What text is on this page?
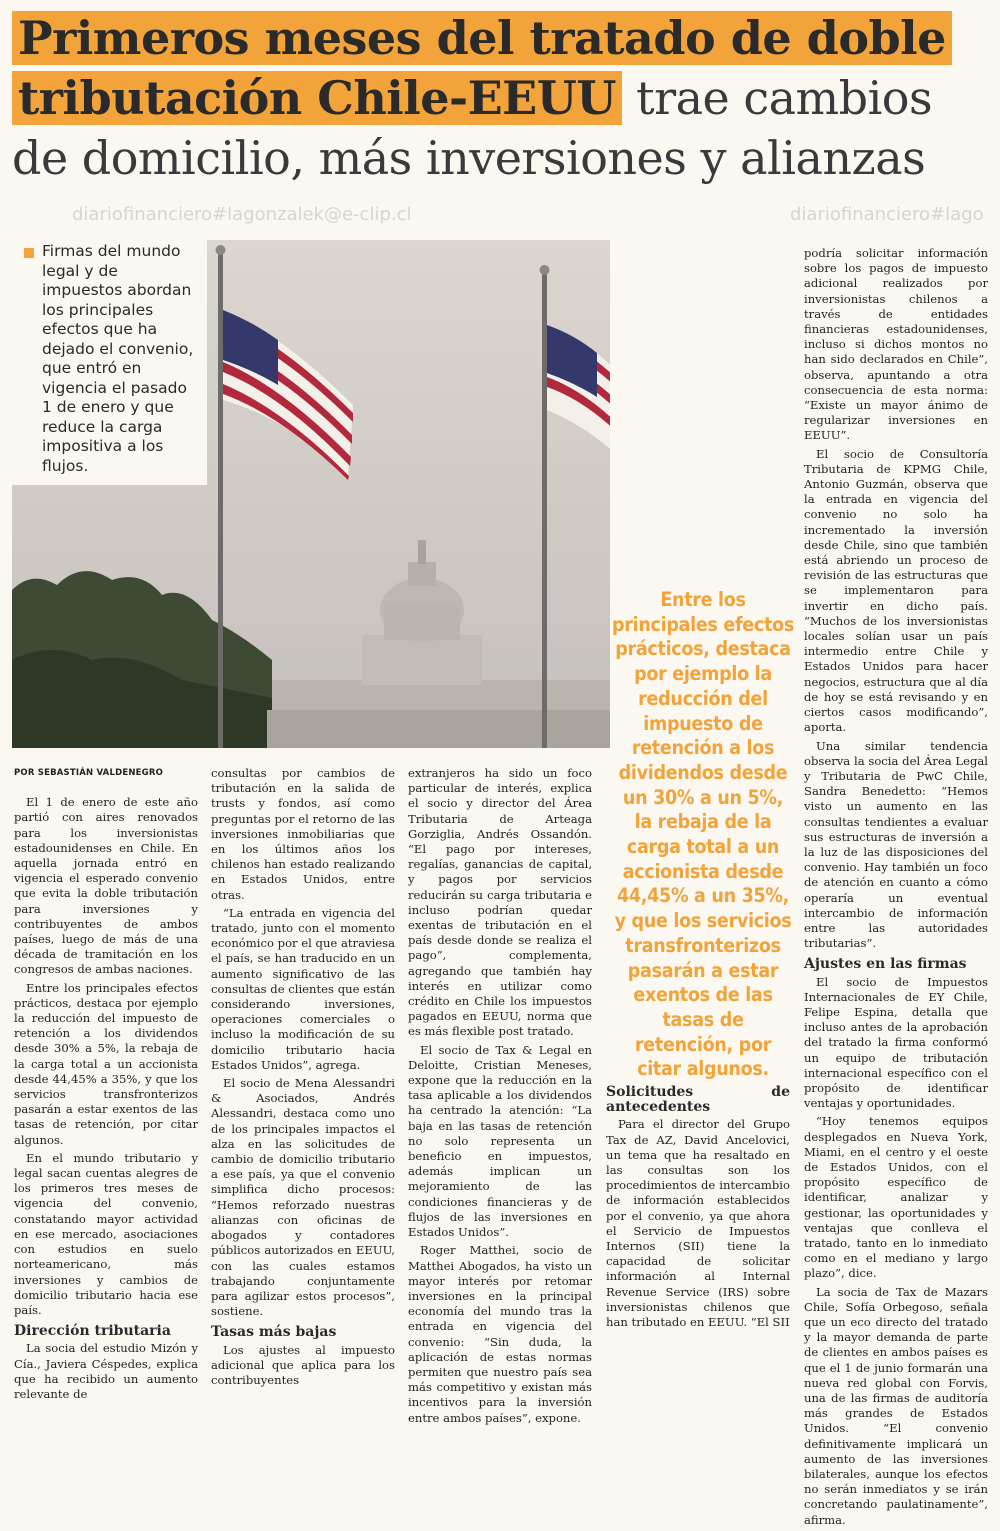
Primeros meses del tratado de doble
tributación Chile-EEUU trae cambios
de domicilio, más inversiones y alianzas
diariofinanciero#lagonzalek@e-clip.cl	diariofinanciero#lago
Firmas del mundo legal y de impuestos abordan los principales efectos que ha dejado el convenio, que entró en vigencia el pasado 1 de enero y que reduce la carga impositiva a los flujos.
Entre los principales efectos prácticos, destaca por ejemplo la reducción del impuesto de retención a los dividendos desde un 30% a un 5%, la rebaja de la carga total a un accionista desde 44,45% a un 35%, y que los servicios transfronterizos pasarán a estar exentos de las tasas de retención, por citar algunos.
POR SEBASTIÁN VALDENEGRO

El 1 de enero de este año partió con aires renovados para los inversionistas estadounidenses en Chile. En aquella jornada entró en vigencia el esperado convenio que evita la doble tributación para inversiones y contribuyentes de ambos países, luego de más de una década de tramitación en los congresos de ambas naciones.

Entre los principales efectos prácticos, destaca por ejemplo la reducción del impuesto de retención a los dividendos desde 30% a 5%, la rebaja de la carga total a un accionista desde 44,45% a 35%, y que los servicios transfronterizos pasarán a estar exentos de las tasas de retención, por citar algunos.

En el mundo tributario y legal sacan cuentas alegres de los primeros tres meses de vigencia del convenio, constatando mayor actividad en ese mercado, asociaciones con estudios en suelo norteamericano, más inversiones y cambios de domicilio tributario hacia ese país.

Dirección tributaria

La socia del estudio Mizón y Cía., Javiera Céspedes, explica que ha recibido un aumento relevante de

consultas por cambios de tributación en la salida de trusts y fondos, así como preguntas por el retorno de las inversiones inmobiliarias que en los últimos años los chilenos han estado realizando en Estados Unidos, entre otras.

“La entrada en vigencia del tratado, junto con el momento económico por el que atraviesa el país, se han traducido en un aumento significativo de las consultas de clientes que están considerando inversiones, operaciones comerciales o incluso la modificación de su domicilio tributario hacia Estados Unidos”, agrega.

El socio de Mena Alessandri & Asociados, Andrés Alessandri, destaca como uno de los principales impactos el alza en las solicitudes de cambio de domicilio tributario a ese país, ya que el convenio simplifica dicho procesos: “Hemos reforzado nuestras alianzas con oficinas de abogados y contadores públicos autorizados en EEUU, con las cuales estamos trabajando conjuntamente para agilizar estos procesos”, sostiene.

Tasas más bajas

Los ajustes al impuesto adicional que aplica para los contribuyentes

extranjeros ha sido un foco particular de interés, explica el socio y director del Área Tributaria de Arteaga Gorziglia, Andrés Ossandón. “El pago por intereses, regalías, ganancias de capital, y pagos por servicios reducirán su carga tributaria e incluso podrían quedar exentas de tributación en el país desde donde se realiza el pago”, complementa, agregando que también hay interés en utilizar como crédito en Chile los impuestos pagados en EEUU, norma que es más flexible post tratado.

El socio de Tax & Legal en Deloitte, Cristian Meneses, expone que la reducción en la tasa aplicable a los dividendos ha centrado la atención: “La baja en las tasas de retención no solo representa un beneficio en impuestos, además implican un mejoramiento de las condiciones financieras y de flujos de las inversiones en Estados Unidos”.

Roger Matthei, socio de Matthei Abogados, ha visto un mayor interés por retomar inversiones en la principal economía del mundo tras la entrada en vigencia del convenio: “Sin duda, la aplicación de estas normas permiten que nuestro país sea más competitivo y existan más incentivos para la inversión entre ambos países”, expone.

Solicitudes de antecedentes

Para el director del Grupo Tax de AZ, David Ancelovici, un tema que ha resaltado en las consultas son los procedimientos de intercambio de información establecidos por el convenio, ya que ahora el Servicio de Impuestos Internos (SII) tiene la capacidad de solicitar información al Internal Revenue Service (IRS) sobre inversionistas chilenos que han tributado en EEUU. “El SII

podría solicitar información sobre los pagos de impuesto adicional realizados por inversionistas chilenos a través de entidades financieras estadounidenses, incluso si dichos montos no han sido declarados en Chile”, observa, apuntando a otra consecuencia de esta norma: “Existe un mayor ánimo de regularizar inversiones en EEUU”.

El socio de Consultoría Tributaria de KPMG Chile, Antonio Guzmán, observa que la entrada en vigencia del convenio no solo ha incrementado la inversión desde Chile, sino que también está abriendo un proceso de revisión de las estructuras que se implementaron para invertir en dicho país. “Muchos de los inversionistas locales solían usar un país intermedio entre Chile y Estados Unidos para hacer negocios, estructura que al día de hoy se está revisando y en ciertos casos modificando”, aporta.

Una similar tendencia observa la socia del Área Legal y Tributaria de PwC Chile, Sandra Benedetto: “Hemos visto un aumento en las consultas tendientes a evaluar sus estructuras de inversión a la luz de las disposiciones del convenio. Hay también un foco de atención en cuanto a cómo operaría un eventual intercambio de información entre las autoridades tributarias”.

Ajustes en las firmas

El socio de Impuestos Internacionales de EY Chile, Felipe Espina, detalla que incluso antes de la aprobación del tratado la firma conformó un equipo de tributación internacional específico con el propósito de identificar ventajas y oportunidades.

“Hoy tenemos equipos desplegados en Nueva York, Miami, en el centro y el oeste de Estados Unidos, con el propósito específico de identificar, analizar y gestionar, las oportunidades y ventajas que conlleva el tratado, tanto en lo inmediato como en el mediano y largo plazo”, dice.

La socia de Tax de Mazars Chile, Sofía Orbegoso, señala que un eco directo del tratado y la mayor demanda de parte de clientes en ambos países es que el 1 de junio formarán una nueva red global con Forvis, una de las firmas de auditoría más grandes de Estados Unidos. “El convenio definitivamente implicará un aumento de las inversiones bilaterales, aunque los efectos no serán inmediatos y se irán concretando paulatinamente”, afirma.
